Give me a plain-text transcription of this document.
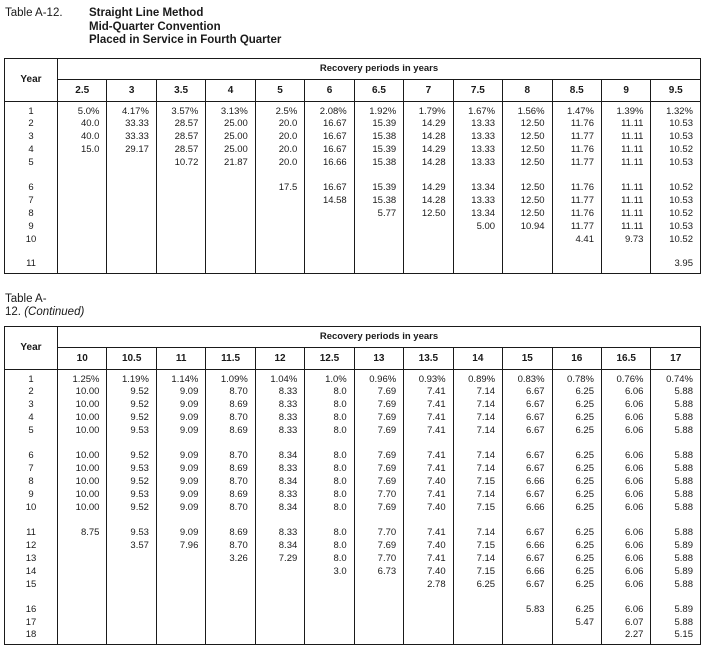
Table A-12.	Straight Line Method
Mid-Quarter Convention
Placed in Service in Fourth Quarter
Year	Recovery periods in years												
	2.5	3	3.5	4	5	6	6.5	7	7.5	8	8.5	9	9.5
1	5.0%	4.17%	3.57%	3.13%	2.5%	2.08%	1.92%	1.79%	1.67%	1.56%	1.47%	1.39%	1.32%
2	40.0	33.33	28.57	25.00	20.0	16.67	15.39	14.29	13.33	12.50	11.76	11.11	10.53
3	40.0	33.33	28.57	25.00	20.0	16.67	15.38	14.28	13.33	12.50	11.77	11.11	10.53
4	15.0	29.17	28.57	25.00	20.0	16.67	15.39	14.29	13.33	12.50	11.76	11.11	10.52
5			10.72	21.87	20.0	16.66	15.38	14.28	13.33	12.50	11.77	11.11	10.53

6					17.5	16.67	15.39	14.29	13.34	12.50	11.76	11.11	10.52
7						14.58	15.38	14.28	13.33	12.50	11.77	11.11	10.53
8							5.77	12.50	13.34	12.50	11.76	11.11	10.52
9									5.00	10.94	11.77	11.11	10.53
10											4.41	9.73	10.52

11													3.95
Table A-12. (Continued)
Year	Recovery periods in years												
	10	10.5	11	11.5	12	12.5	13	13.5	14	15	16	16.5	17
1	1.25%	1.19%	1.14%	1.09%	1.04%	1.0%	0.96%	0.93%	0.89%	0.83%	0.78%	0.76%	0.74%
2	10.00	9.52	9.09	8.70	8.33	8.0	7.69	7.41	7.14	6.67	6.25	6.06	5.88
3	10.00	9.52	9.09	8.69	8.33	8.0	7.69	7.41	7.14	6.67	6.25	6.06	5.88
4	10.00	9.52	9.09	8.70	8.33	8.0	7.69	7.41	7.14	6.67	6.25	6.06	5.88
5	10.00	9.53	9.09	8.69	8.33	8.0	7.69	7.41	7.14	6.67	6.25	6.06	5.88

6	10.00	9.52	9.09	8.70	8.34	8.0	7.69	7.41	7.14	6.67	6.25	6.06	5.88
7	10.00	9.53	9.09	8.69	8.33	8.0	7.69	7.41	7.14	6.67	6.25	6.06	5.88
8	10.00	9.52	9.09	8.70	8.34	8.0	7.69	7.40	7.15	6.66	6.25	6.06	5.88
9	10.00	9.53	9.09	8.69	8.33	8.0	7.70	7.41	7.14	6.67	6.25	6.06	5.88
10	10.00	9.52	9.09	8.70	8.34	8.0	7.69	7.40	7.15	6.66	6.25	6.06	5.88

11	8.75	9.53	9.09	8.69	8.33	8.0	7.70	7.41	7.14	6.67	6.25	6.06	5.88
12		3.57	7.96	8.70	8.34	8.0	7.69	7.40	7.15	6.66	6.25	6.06	5.89
13				3.26	7.29	8.0	7.70	7.41	7.14	6.67	6.25	6.06	5.88
14						3.0	6.73	7.40	7.15	6.66	6.25	6.06	5.89
15								2.78	6.25	6.67	6.25	6.06	5.88

16										5.83	6.25	6.06	5.89
17											5.47	6.07	5.88
18												2.27	5.15
